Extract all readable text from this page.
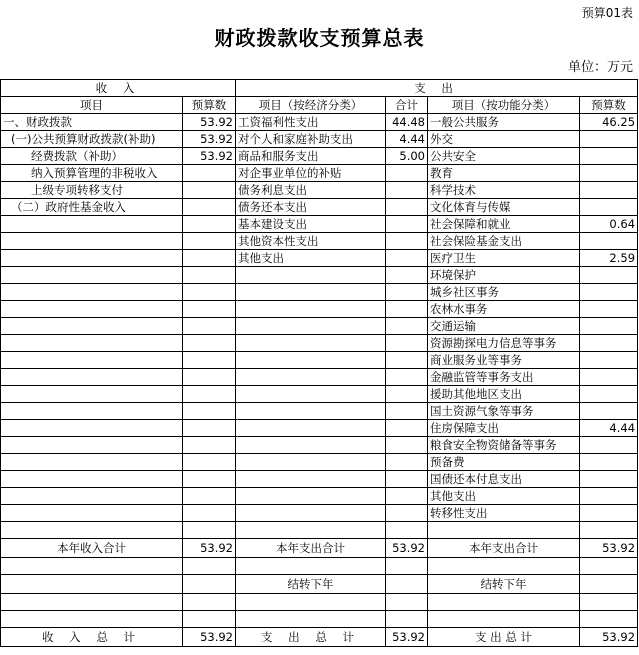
预算01表
财政拨款收支预算总表
单位：万元
收 入		支 出			
项目	预算数	项目（按经济分类）	合计	项目（按功能分类）	预算数
一、财政拨款	53.92	工资福利性支出	44.48	一般公共服务	46.25
(一)公共预算财政拨款(补助)	53.92	对个人和家庭补助支出	4.44	外交	
经费拨款（补助）	53.92	商品和服务支出	5.00	公共安全	
纳入预算管理的非税收入		对企事业单位的补贴		教育	
上级专项转移支付		债务利息支出		科学技术	
（二）政府性基金收入		债务还本支出		文化体育与传媒	
		基本建设支出		社会保障和就业	0.64
		其他资本性支出		社会保险基金支出	
		其他支出		医疗卫生	2.59
				环境保护	
				城乡社区事务	
				农林水事务	
				交通运输	
				资源勘探电力信息等事务	
				商业服务业等事务	
				金融监管等事务支出	
				援助其他地区支出	
				国土资源气象等事务	
				住房保障支出	4.44
				粮食安全物资储备等事务	
				预备费	
				国债还本付息支出	
				其他支出	
				转移性支出	

本年收入合计	53.92	本年支出合计	53.92	本年支出合计	53.92

		结转下年		结转下年	

收 入 总 计	53.92	支 出 总 计	53.92	支 出 总 计	53.92
